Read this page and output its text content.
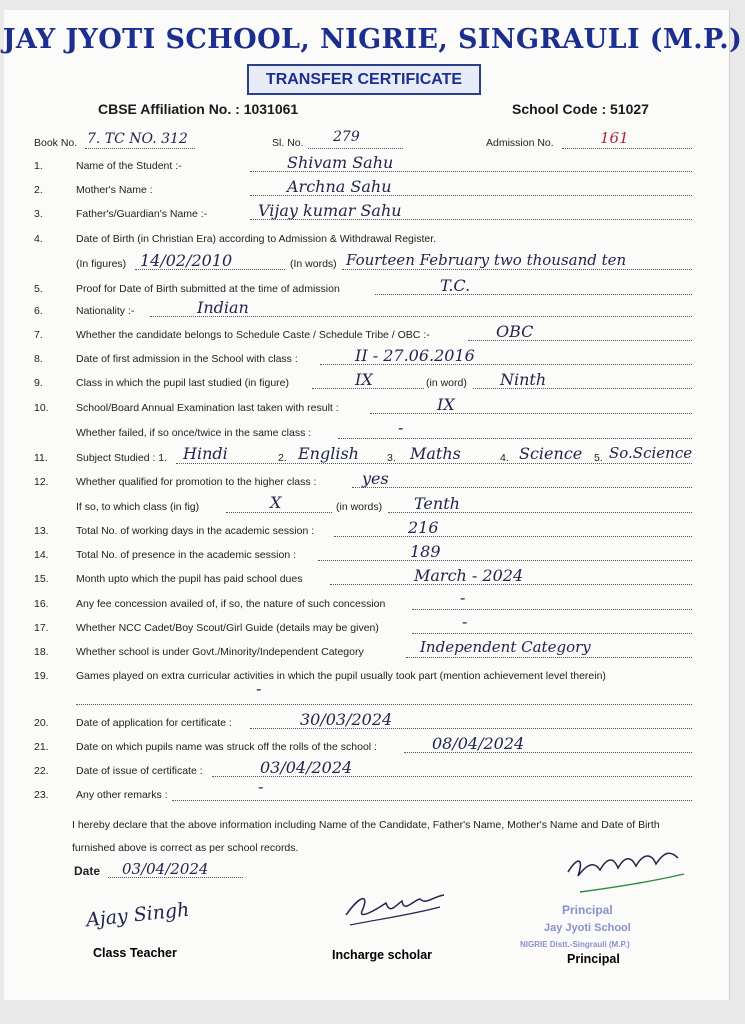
JAY JYOTI SCHOOL, NIGRIE, SINGRAULI (M.P.)
TRANSFER CERTIFICATE
CBSE Affiliation No. : 1031061	School Code : 51027
Book No. 7. TC NO. 312	Sl. No. 279	Admission No.	161
1.	Name of the Student :-	Shivam Sahu
2.	Mother's Name :	Archna Sahu
3.	Father's/Guardian's Name :-	Vijay kumar Sahu
4.	Date of Birth (in Christian Era) according to Admission & Withdrawal Register.
(In figures) 14/02/2010	(In words) Fourteen February two thousand ten
5.	Proof for Date of Birth submitted at the time of admission	T.C.
6.	Nationality :-	Indian
7.	Whether the candidate belongs to Schedule Caste / Schedule Tribe / OBC :-	OBC
8.	Date of first admission in the School with class :	II - 27.06.2016
9.	Class in which the pupil last studied (in figure)	IX	(in word) Ninth
10.	School/Board Annual Examination last taken with result :	IX
Whether failed, if so once/twice in the same class :	-
11.	Subject Studied : 1. Hindi	2. English	3. Maths	4. Science 5. So.Science
12.	Whether qualified for promotion to the higher class :	yes
If so, to which class (in fig)	X	(in words) Tenth
13.	Total No. of working days in the academic session :	216
14.	Total No. of presence in the academic session :	189
15.	Month upto which the pupil has paid school dues	March - 2024
16.	Any fee concession availed of, if so, the nature of such concession	-
17.	Whether NCC Cadet/Boy Scout/Girl Guide (details may be given)	-
18.	Whether school is under Govt./Minority/Independent Category	Independent Category
19.	Games played on extra curricular activities in which the pupil usually took part (mention achievement level therein)
-
20.	Date of application for certificate :	30/03/2024
21.	Date on which pupils name was struck off the rolls of the school :	08/04/2024
22.	Date of issue of certificate :	03/04/2024
23.	Any other remarks :	-
I hereby declare that the above information including Name of the Candidate, Father's Name, Mother's Name and Date of Birth furnished above is correct as per school records.
Date 03/04/2024
Ajay Singh
Class Teacher	Incharge scholar
Principal
Jay Jyoti School
NIGRIE Distt.-Singrauli (M.P.)
Principal
